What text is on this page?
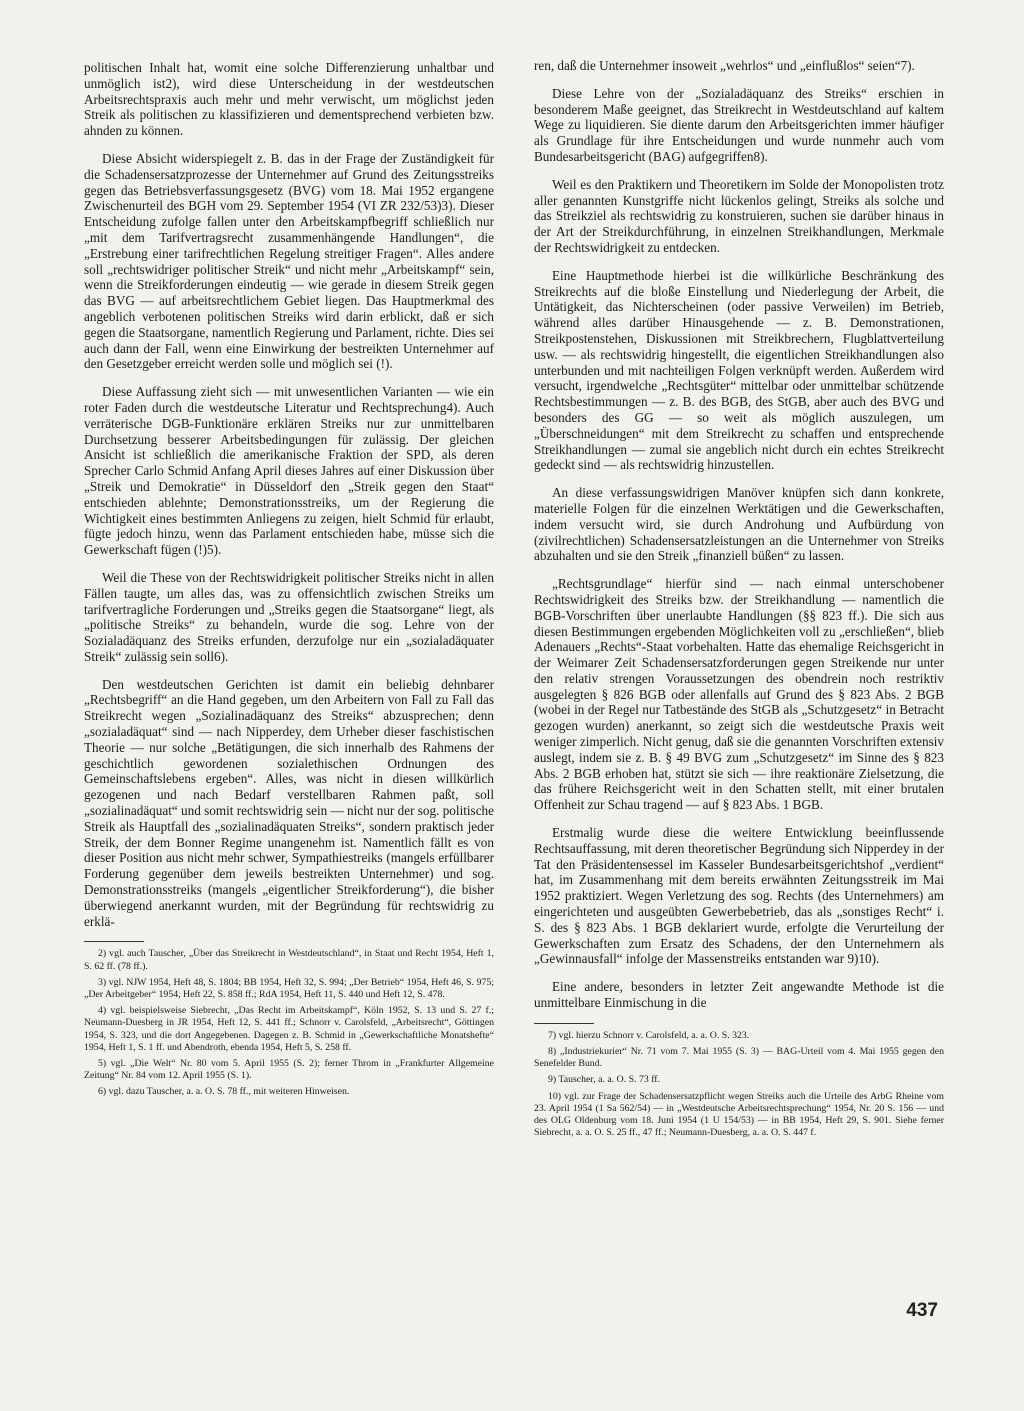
politischen Inhalt hat, womit eine solche Differenzierung unhaltbar und unmöglich ist2), wird diese Unterscheidung in der westdeutschen Arbeitsrechtspraxis auch mehr und mehr verwischt, um möglichst jeden Streik als politischen zu klassifizieren und dementsprechend verbieten bzw. ahnden zu können.

Diese Absicht widerspiegelt z. B. das in der Frage der Zuständigkeit für die Schadensersatzprozesse der Unternehmer auf Grund des Zeitungsstreiks gegen das Betriebsverfassungsgesetz (BVG) vom 18. Mai 1952 ergangene Zwischenurteil des BGH vom 29. September 1954 (VI ZR 232/53)3). Dieser Entscheidung zufolge fallen unter den Arbeitskampfbegriff schließlich nur „mit dem Tarifvertragsrecht zusammenhängende Handlungen“, die „Erstrebung einer tarifrechtlichen Regelung streitiger Fragen“. Alles andere soll „rechtswidriger politischer Streik“ und nicht mehr „Arbeitskampf“ sein, wenn die Streikforderungen eindeutig — wie gerade in diesem Streik gegen das BVG — auf arbeitsrechtlichem Gebiet liegen. Das Hauptmerkmal des angeblich verbotenen politischen Streiks wird darin erblickt, daß er sich gegen die Staatsorgane, namentlich Regierung und Parlament, richte. Dies sei auch dann der Fall, wenn eine Einwirkung der bestreikten Unternehmer auf den Gesetzgeber erreicht werden solle und möglich sei (!).

Diese Auffassung zieht sich — mit unwesentlichen Varianten — wie ein roter Faden durch die westdeutsche Literatur und Rechtsprechung4). Auch verräterische DGB-Funktionäre erklären Streiks nur zur unmittelbaren Durchsetzung besserer Arbeitsbedingungen für zulässig. Der gleichen Ansicht ist schließlich die amerikanische Fraktion der SPD, als deren Sprecher Carlo Schmid Anfang April dieses Jahres auf einer Diskussion über „Streik und Demokratie“ in Düsseldorf den „Streik gegen den Staat“ entschieden ablehnte; Demonstrationsstreiks, um der Regierung die Wichtigkeit eines bestimmten Anliegens zu zeigen, hielt Schmid für erlaubt, fügte jedoch hinzu, wenn das Parlament entschieden habe, müsse sich die Gewerkschaft fügen (!)5).

Weil die These von der Rechtswidrigkeit politischer Streiks nicht in allen Fällen taugte, um alles das, was zu offensichtlich zwischen Streiks um tarifvertragliche Forderungen und „Streiks gegen die Staatsorgane“ liegt, als „politische Streiks“ zu behandeln, wurde die sog. Lehre von der Sozialadäquanz des Streiks erfunden, derzufolge nur ein „sozialadäquater Streik“ zulässig sein soll6).

Den westdeutschen Gerichten ist damit ein beliebig dehnbarer „Rechtsbegriff“ an die Hand gegeben, um den Arbeitern von Fall zu Fall das Streikrecht wegen „Sozialinadäquanz des Streiks“ abzusprechen; denn „sozialadäquat“ sind — nach Nipperdey, dem Urheber dieser faschistischen Theorie — nur solche „Betätigungen, die sich innerhalb des Rahmens der geschichtlich gewordenen sozialethischen Ordnungen des Gemeinschaftslebens ergeben“. Alles, was nicht in diesen willkürlich gezogenen und nach Bedarf verstellbaren Rahmen paßt, soll „sozialinadäquat“ und somit rechtswidrig sein — nicht nur der sog. politische Streik als Hauptfall des „sozialinadäquaten Streiks“, sondern praktisch jeder Streik, der dem Bonner Regime unangenehm ist. Namentlich fällt es von dieser Position aus nicht mehr schwer, Sympathiestreiks (mangels erfüllbarer Forderung gegenüber dem jeweils bestreikten Unternehmer) und sog. Demonstrationsstreiks (mangels „eigentlicher Streikforderung“), die bisher überwiegend anerkannt wurden, mit der Begründung für rechtswidrig zu erklä-

2) vgl. auch Tauscher, „Über das Streikrecht in Westdeutschland“, in Staat und Recht 1954, Heft 1, S. 62 ff. (78 ff.).

3) vgl. NJW 1954, Heft 48, S. 1804; BB 1954, Heft 32, S. 994; „Der Betrieb“ 1954, Heft 46, S. 975; „Der Arbeitgeber“ 1954, Heft 22, S. 858 ff.; RdA 1954, Heft 11, S. 440 und Heft 12, S. 478.

4) vgl. beispielsweise Siebrecht, „Das Recht im Arbeitskampf“, Köln 1952, S. 13 und S. 27 f.; Neumann-Duesberg in JR 1954, Heft 12, S. 441 ff.; Schnorr v. Carolsfeld, „Arbeitsrecht“, Göttingen 1954, S. 323, und die dort Angegebenen. Dagegen z. B. Schmid in „Gewerkschaftliche Monatshefte“ 1954, Heft 1, S. 1 ff. und Abendroth, ebenda 1954, Heft 5, S. 258 ff.

5) vgl. „Die Welt“ Nr. 80 vom 5. April 1955 (S. 2); ferner Throm in „Frankfurter Allgemeine Zeitung“ Nr. 84 vom 12. April 1955 (S. 1).

6) vgl. dazu Tauscher, a. a. O. S. 78 ff., mit weiteren Hinweisen.

ren, daß die Unternehmer insoweit „wehrlos“ und „einflußlos“ seien“7).

Diese Lehre von der „Sozialadäquanz des Streiks“ erschien in besonderem Maße geeignet, das Streikrecht in Westdeutschland auf kaltem Wege zu liquidieren. Sie diente darum den Arbeitsgerichten immer häufiger als Grundlage für ihre Entscheidungen und wurde nunmehr auch vom Bundesarbeitsgericht (BAG) aufgegriffen8).

Weil es den Praktikern und Theoretikern im Solde der Monopolisten trotz aller genannten Kunstgriffe nicht lückenlos gelingt, Streiks als solche und das Streikziel als rechtswidrig zu konstruieren, suchen sie darüber hinaus in der Art der Streikdurchführung, in einzelnen Streikhandlungen, Merkmale der Rechtswidrigkeit zu entdecken.

Eine Hauptmethode hierbei ist die willkürliche Beschränkung des Streikrechts auf die bloße Einstellung und Niederlegung der Arbeit, die Untätigkeit, das Nichterscheinen (oder passive Verweilen) im Betrieb, während alles darüber Hinausgehende — z. B. Demonstrationen, Streikpostenstehen, Diskussionen mit Streikbrechern, Flugblattverteilung usw. — als rechtswidrig hingestellt, die eigentlichen Streikhandlungen also unterbunden und mit nachteiligen Folgen verknüpft werden. Außerdem wird versucht, irgendwelche „Rechtsgüter“ mittelbar oder unmittelbar schützende Rechtsbestimmungen — z. B. des BGB, des StGB, aber auch des BVG und besonders des GG — so weit als möglich auszulegen, um „Überschneidungen“ mit dem Streikrecht zu schaffen und entsprechende Streikhandlungen — zumal sie angeblich nicht durch ein echtes Streikrecht gedeckt sind — als rechtswidrig hinzustellen.

An diese verfassungswidrigen Manöver knüpfen sich dann konkrete, materielle Folgen für die einzelnen Werktätigen und die Gewerkschaften, indem versucht wird, sie durch Androhung und Aufbürdung von (zivilrechtlichen) Schadensersatzleistungen an die Unternehmer von Streiks abzuhalten und sie den Streik „finanziell büßen“ zu lassen.

„Rechtsgrundlage“ hierfür sind — nach einmal unterschobener Rechtswidrigkeit des Streiks bzw. der Streikhandlung — namentlich die BGB-Vorschriften über unerlaubte Handlungen (§§ 823 ff.). Die sich aus diesen Bestimmungen ergebenden Möglichkeiten voll zu „erschließen“, blieb Adenauers „Rechts“-Staat vorbehalten. Hatte das ehemalige Reichsgericht in der Weimarer Zeit Schadensersatzforderungen gegen Streikende nur unter den relativ strengen Voraussetzungen des obendrein noch restriktiv ausgelegten § 826 BGB oder allenfalls auf Grund des § 823 Abs. 2 BGB (wobei in der Regel nur Tatbestände des StGB als „Schutzgesetz“ in Betracht gezogen wurden) anerkannt, so zeigt sich die westdeutsche Praxis weit weniger zimperlich. Nicht genug, daß sie die genannten Vorschriften extensiv auslegt, indem sie z. B. § 49 BVG zum „Schutzgesetz“ im Sinne des § 823 Abs. 2 BGB erhoben hat, stützt sie sich — ihre reaktionäre Zielsetzung, die das frühere Reichsgericht weit in den Schatten stellt, mit einer brutalen Offenheit zur Schau tragend — auf § 823 Abs. 1 BGB.

Erstmalig wurde diese die weitere Entwicklung beeinflussende Rechtsauffassung, mit deren theoretischer Begründung sich Nipperdey in der Tat den Präsidentensessel im Kasseler Bundesarbeitsgerichtshof „verdient“ hat, im Zusammenhang mit dem bereits erwähnten Zeitungsstreik im Mai 1952 praktiziert. Wegen Verletzung des sog. Rechts (des Unternehmers) am eingerichteten und ausgeübten Gewerbebetrieb, das als „sonstiges Recht“ i. S. des § 823 Abs. 1 BGB deklariert wurde, erfolgte die Verurteilung der Gewerkschaften zum Ersatz des Schadens, der den Unternehmern als „Gewinnausfall“ infolge der Massenstreiks entstanden war 9)10).

Eine andere, besonders in letzter Zeit angewandte Methode ist die unmittelbare Einmischung in die

7) vgl. hierzu Schnorr v. Carolsfeld, a. a. O. S. 323.

8) „Industriekurier“ Nr. 71 vom 7. Mai 1955 (S. 3) — BAG-Urteil vom 4. Mai 1955 gegen den Senefelder Bund.

9) Tauscher, a. a. O. S. 73 ff.

10) vgl. zur Frage der Schadensersatzpflicht wegen Streiks auch die Urteile des ArbG Rheine vom 23. April 1954 (1 Sa 562/54) — in „Westdeutsche Arbeitsrechtsprechung“ 1954, Nr. 20 S. 156 — und des OLG Oldenburg vom 18. Juni 1954 (1 U 154/53) — in BB 1954, Heft 29, S. 901. Siehe ferner Siebrecht, a. a. O. S. 25 ff., 47 ff.; Neumann-Duesberg, a. a. O. S. 447 f.

437
